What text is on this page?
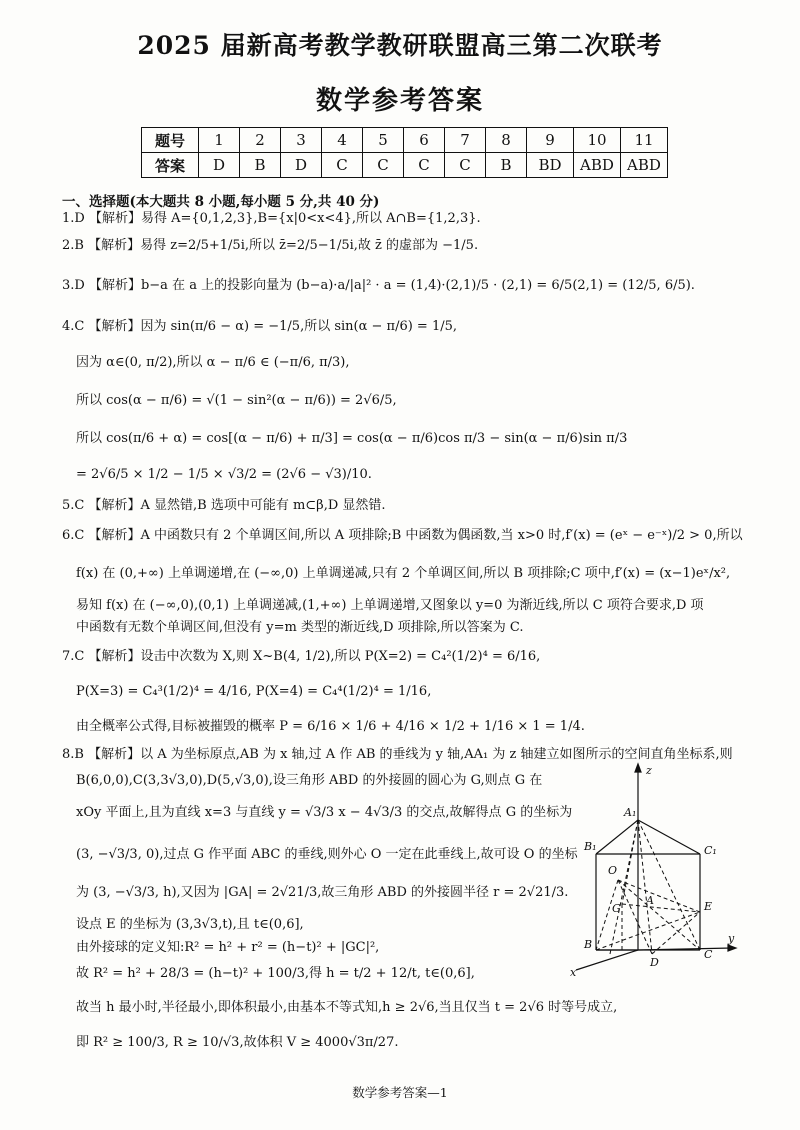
2025 届新高考教学教研联盟高三第二次联考
数学参考答案
题号	1	2	3	4	5	6	7	8	9	10	11
答案	D	B	D	C	C	C	C	B	BD	ABD	ABD
一、选择题(本大题共 8 小题,每小题 5 分,共 40 分)
1.D 【解析】易得 A={0,1,2,3},B={x|0<x<4},所以 A∩B={1,2,3}.
2.B 【解析】易得 z=2/5+1/5i,所以 z̄=2/5−1/5i,故 z̄ 的虚部为 −1/5.
3.D 【解析】b−a 在 a 上的投影向量为 (b−a)·a/|a|² · a = (1,4)·(2,1)/5 · (2,1) = 6/5(2,1) = (12/5, 6/5).
4.C 【解析】因为 sin(π/6 − α) = −1/5,所以 sin(α − π/6) = 1/5,
因为 α∈(0, π/2),所以 α − π/6 ∈ (−π/6, π/3),
所以 cos(α − π/6) = √(1 − sin²(α − π/6)) = 2√6/5,
所以 cos(π/6 + α) = cos[(α − π/6) + π/3] = cos(α − π/6)cos π/3 − sin(α − π/6)sin π/3
= 2√6/5 × 1/2 − 1/5 × √3/2 = (2√6 − √3)/10.
5.C 【解析】A 显然错,B 选项中可能有 m⊂β,D 显然错.
6.C 【解析】A 中函数只有 2 个单调区间,所以 A 项排除;B 中函数为偶函数,当 x>0 时,f′(x) = (eˣ − e⁻ˣ)/2 > 0,所以
f(x) 在 (0,+∞) 上单调递增,在 (−∞,0) 上单调递减,只有 2 个单调区间,所以 B 项排除;C 项中,f′(x) = (x−1)eˣ/x²,
易知 f(x) 在 (−∞,0),(0,1) 上单调递减,(1,+∞) 上单调递增,又图象以 y=0 为渐近线,所以 C 项符合要求,D 项
中函数有无数个单调区间,但没有 y=m 类型的渐近线,D 项排除,所以答案为 C.
7.C 【解析】设击中次数为 X,则 X~B(4, 1/2),所以 P(X=2) = C₄²(1/2)⁴ = 6/16,
P(X=3) = C₄³(1/2)⁴ = 4/16, P(X=4) = C₄⁴(1/2)⁴ = 1/16,
由全概率公式得,目标被摧毁的概率 P = 6/16 × 1/6 + 4/16 × 1/2 + 1/16 × 1 = 1/4.
8.B 【解析】以 A 为坐标原点,AB 为 x 轴,过 A 作 AB 的垂线为 y 轴,AA₁ 为 z 轴建立如图所示的空间直角坐标系,则
B(6,0,0),C(3,3√3,0),D(5,√3,0),设三角形 ABD 的外接圆的圆心为 G,则点 G 在
xOy 平面上,且为直线 x=3 与直线 y = √3/3 x − 4√3/3 的交点,故解得点 G 的坐标为
(3, −√3/3, 0),过点 G 作平面 ABC 的垂线,则外心 O 一定在此垂线上,故可设 O 的坐标
为 (3, −√3/3, h),又因为 |GA| = 2√21/3,故三角形 ABD 的外接圆半径 r = 2√21/3.
设点 E 的坐标为 (3,3√3,t),且 t∈(0,6],
由外接球的定义知:R² = h² + r² = (h−t)² + |GC|²,
故 R² = h² + 28/3 = (h−t)² + 100/3,得 h = t/2 + 12/t, t∈(0,6],
故当 h 最小时,半径最小,即体积最小,由基本不等式知,h ≥ 2√6,当且仅当 t = 2√6 时等号成立,
即 R² ≥ 100/3, R ≥ 10/√3,故体积 V ≥ 4000√3π/27.
z
A₁
B₁	C₁
O
G
A	E
B
D
C
y
x
数学参考答案—1
